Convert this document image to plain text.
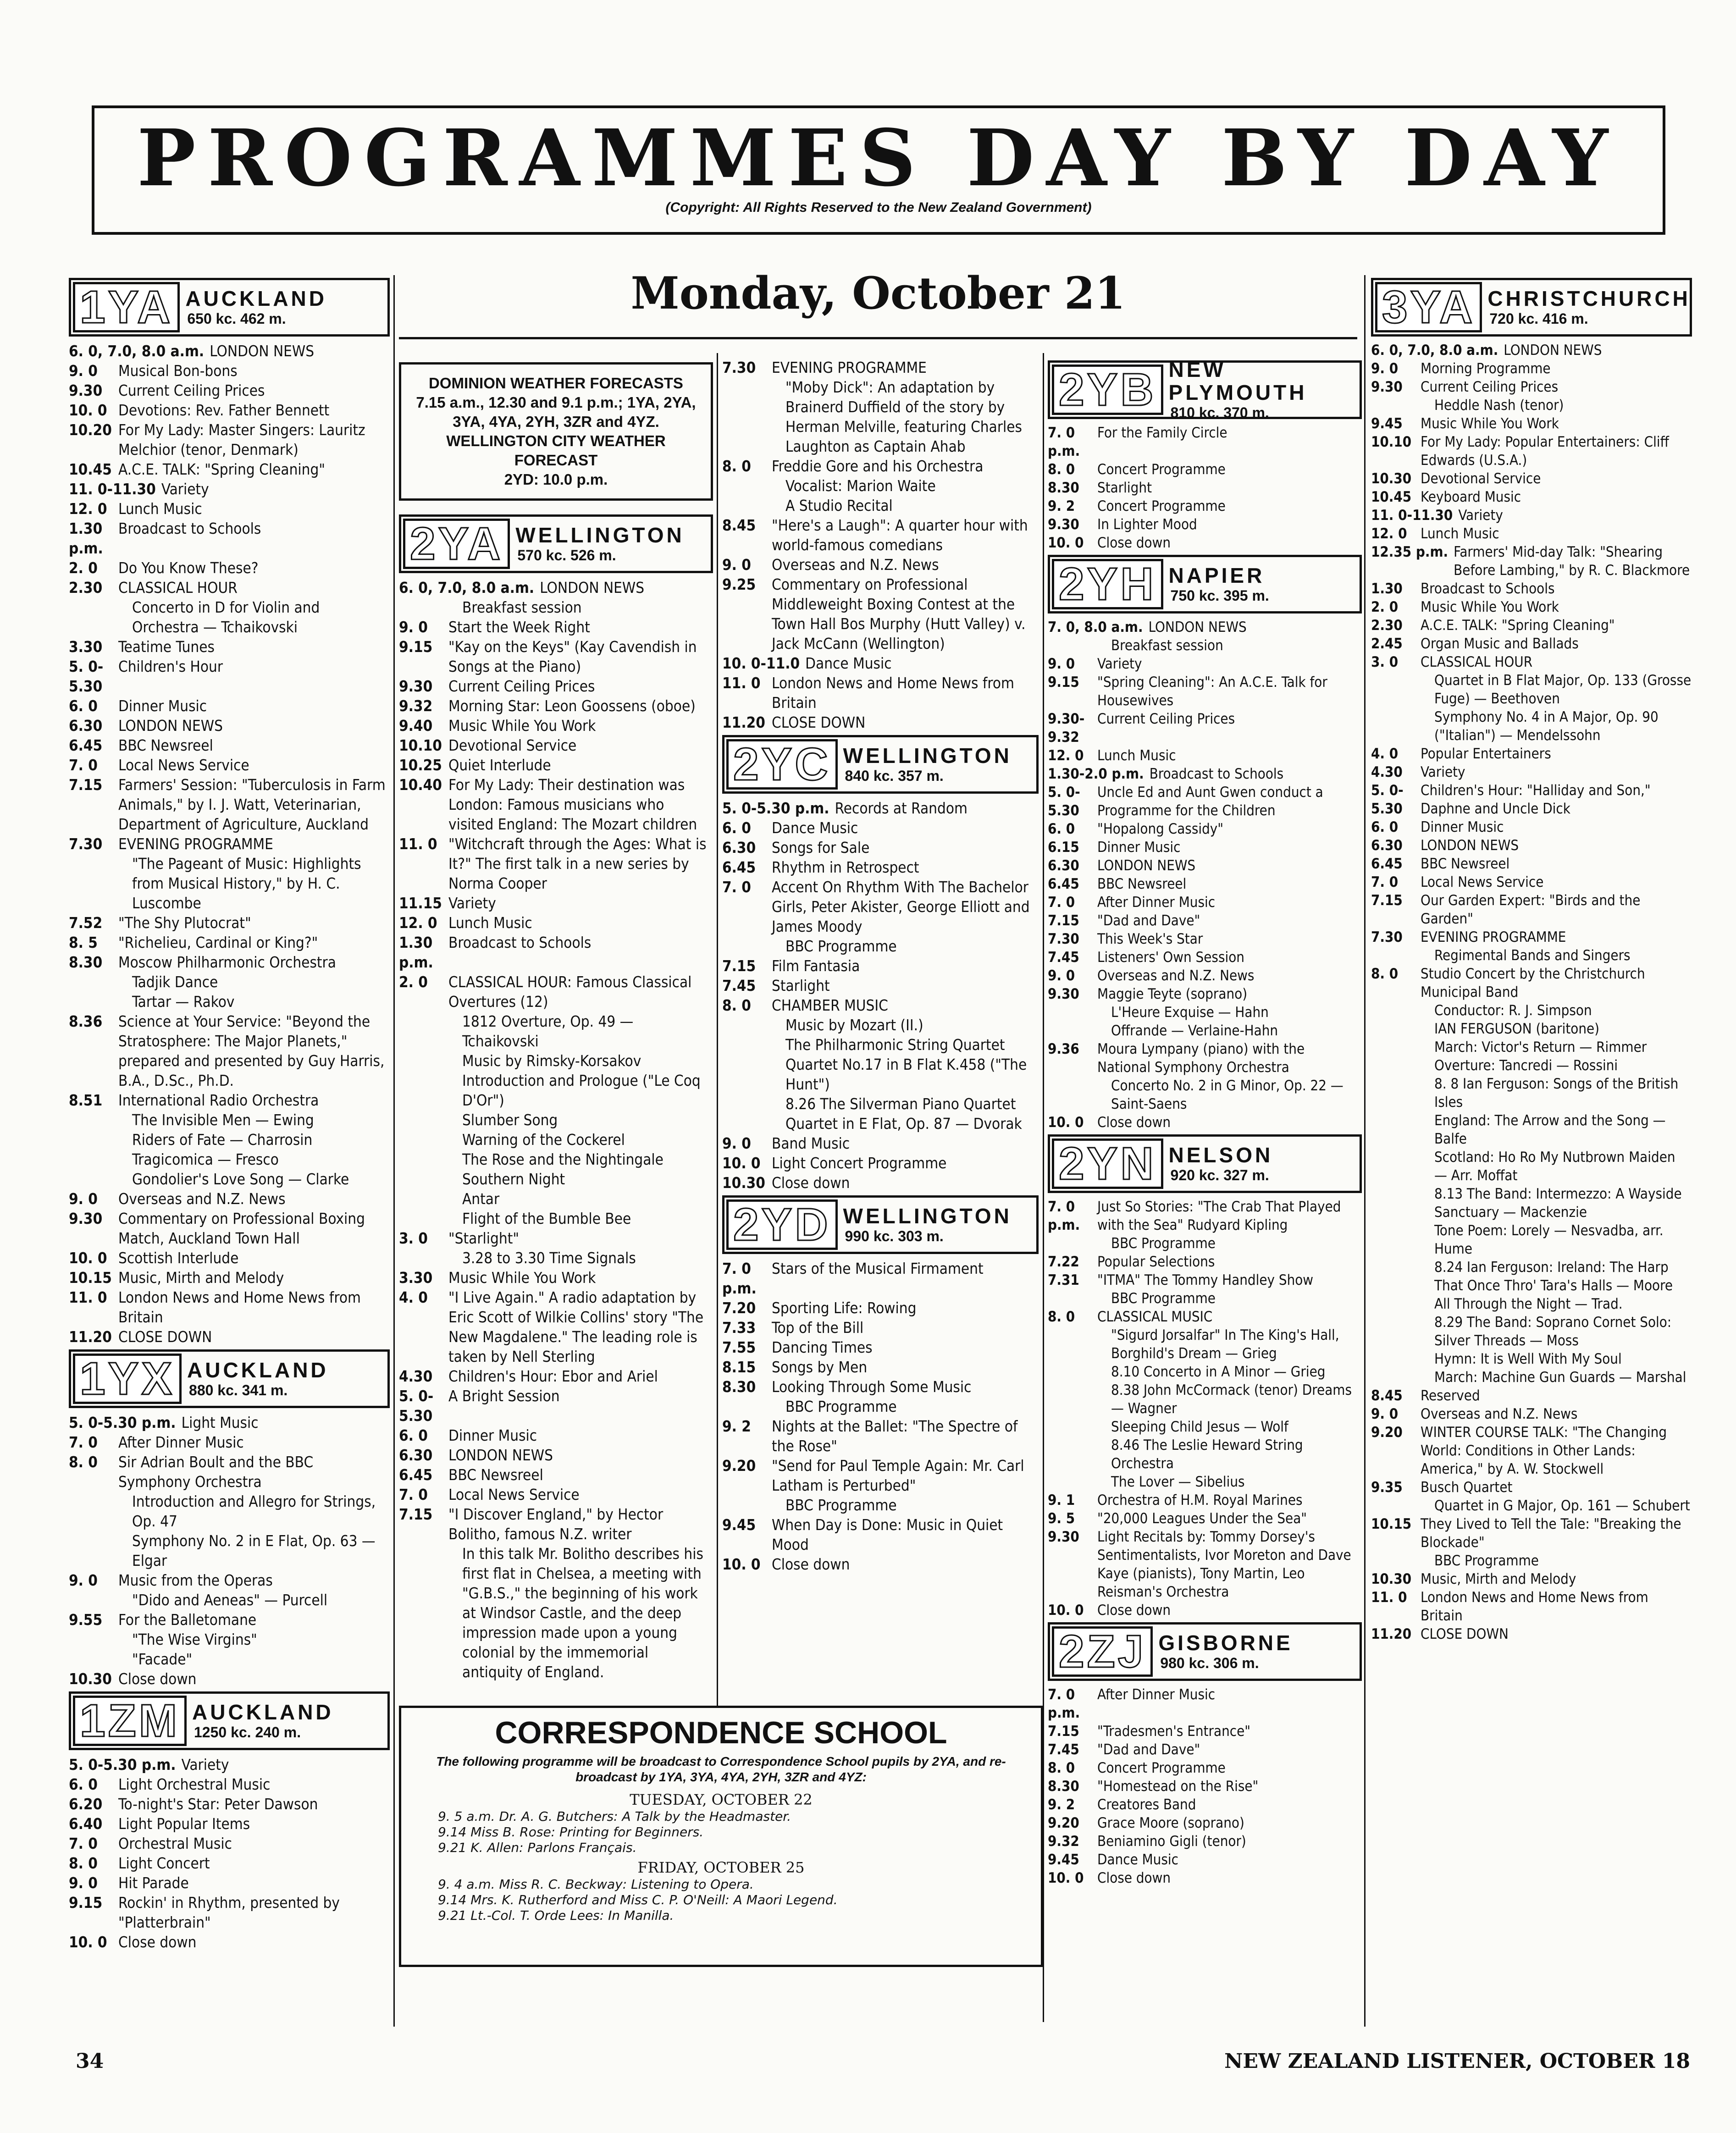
PROGRAMMES DAY BY DAY
(Copyright: All Rights Reserved to the New Zealand Government)
Monday, October 21
1YA AUCKLAND
650 kc. 462 m.
6. 0, 7.0, 8.0 a.m. LONDON NEWS
9. 0	Musical Bon-bons
9.30	Current Ceiling Prices
10. 0 Devotions: Rev. Father Bennett
10.20 For My Lady: Master Singers: Lauritz Melchior (tenor, Denmark)
10.45 A.C.E. TALK: "Spring Cleaning"
11. 0-11.30 Variety
12. 0 Lunch Music
1.30 p.m.
Broadcast to Schools
2. 0	Do You Know These?
2.30	CLASSICAL HOUR
Concerto in D for Violin and Orchestra — Tchaikovski
3.30	Teatime Tunes
5. 0-5.30
Children's Hour
6. 0	Dinner Music
6.30	LONDON NEWS
6.45	BBC Newsreel
7. 0	Local News Service
7.15	Farmers' Session: "Tuberculosis in Farm Animals," by I. J. Watt, Veterinarian, Department of Agriculture, Auckland
7.30	EVENING PROGRAMME
"The Pageant of Music: Highlights from Musical History," by H. C. Luscombe
7.52	"The Shy Plutocrat"
8. 5	"Richelieu, Cardinal or King?"
8.30	Moscow Philharmonic Orchestra
Tadjik Dance
Tartar — Rakov
8.36	Science at Your Service: "Beyond the Stratosphere: The Major Planets," prepared and presented by Guy Harris, B.A., D.Sc., Ph.D.
8.51	International Radio Orchestra
The Invisible Men — Ewing
Riders of Fate — Charrosin
Tragicomica — Fresco
Gondolier's Love Song — Clarke
9. 0	Overseas and N.Z. News
9.30	Commentary on Professional Boxing Match, Auckland Town Hall
10. 0 Scottish Interlude
10.15 Music, Mirth and Melody
11. 0 London News and Home News from Britain
11.20 CLOSE DOWN
1YX AUCKLAND
880 kc. 341 m.
5. 0-5.30 p.m. Light Music
7. 0	After Dinner Music
8. 0	Sir Adrian Boult and the BBC Symphony Orchestra
Introduction and Allegro for Strings, Op. 47
Symphony No. 2 in E Flat, Op. 63 — Elgar
9. 0	Music from the Operas
"Dido and Aeneas" — Purcell
9.55	For the Balletomane
"The Wise Virgins"
"Facade"
10.30 Close down
1ZM AUCKLAND
1250 kc. 240 m.
5. 0-5.30 p.m. Variety
6. 0	Light Orchestral Music
6.20	To-night's Star: Peter Dawson
6.40	Light Popular Items
7. 0	Orchestral Music
8. 0	Light Concert
9. 0	Hit Parade
9.15	Rockin' in Rhythm, presented by "Platterbrain"
10. 0 Close down
DOMINION WEATHER FORECASTS
7.15 a.m., 12.30 and 9.1 p.m.; 1YA, 2YA, 3YA, 4YA, 2YH, 3ZR and 4YZ.
WELLINGTON CITY WEATHER FORECAST
2YD: 10.0 p.m.
2YA WELLINGTON
570 kc. 526 m.
6. 0, 7.0, 8.0 a.m. LONDON NEWS
Breakfast session
9. 0	Start the Week Right
9.15	"Kay on the Keys" (Kay Cavendish in Songs at the Piano)
9.30	Current Ceiling Prices
9.32	Morning Star: Leon Goossens (oboe)
9.40	Music While You Work
10.10 Devotional Service
10.25 Quiet Interlude
10.40 For My Lady: Their destination was London: Famous musicians who visited England: The Mozart children
11. 0 "Witchcraft through the Ages: What is It?" The first talk in a new series by Norma Cooper
11.15 Variety
12. 0 Lunch Music
1.30 p.m.
Broadcast to Schools
2. 0	CLASSICAL HOUR: Famous Classical Overtures (12)
1812 Overture, Op. 49 — Tchaikovski
Music by Rimsky-Korsakov
Introduction and Prologue ("Le Coq D'Or")
Slumber Song
Warning of the Cockerel
The Rose and the Nightingale
Southern Night
Antar
Flight of the Bumble Bee
3. 0	"Starlight"
3.28 to 3.30 Time Signals
3.30	Music While You Work
4. 0	"I Live Again." A radio adaptation by Eric Scott of Wilkie Collins' story "The New Magdalene." The leading role is taken by Nell Sterling
4.30	Children's Hour: Ebor and Ariel
5. 0-5.30
A Bright Session
6. 0	Dinner Music
6.30	LONDON NEWS
6.45	BBC Newsreel
7. 0	Local News Service
7.15	"I Discover England," by Hector Bolitho, famous N.Z. writer
In this talk Mr. Bolitho describes his first flat in Chelsea, a meeting with "G.B.S.," the beginning of his work at Windsor Castle, and the deep impression made upon a young colonial by the immemorial antiquity of England.
7.30	EVENING PROGRAMME
"Moby Dick": An adaptation by Brainerd Duffield of the story by Herman Melville, featuring Charles Laughton as Captain Ahab
8. 0	Freddie Gore and his Orchestra
Vocalist: Marion Waite
A Studio Recital
8.45	"Here's a Laugh": A quarter hour with world-famous comedians
9. 0	Overseas and N.Z. News
9.25	Commentary on Professional Middleweight Boxing Contest at the Town Hall Bos Murphy (Hutt Valley) v. Jack McCann (Wellington)
10. 0-11.0 Dance Music
11. 0 London News and Home News from Britain
11.20 CLOSE DOWN
2YC WELLINGTON
840 kc. 357 m.
5. 0-5.30 p.m. Records at Random
6. 0	Dance Music
6.30	Songs for Sale
6.45	Rhythm in Retrospect
7. 0	Accent On Rhythm With The Bachelor Girls, Peter Akister, George Elliott and James Moody
BBC Programme
7.15	Film Fantasia
7.45	Starlight
8. 0	CHAMBER MUSIC
Music by Mozart (II.)
The Philharmonic String Quartet
Quartet No.17 in B Flat K.458 ("The Hunt")
8.26 The Silverman Piano Quartet
Quartet in E Flat, Op. 87 — Dvorak
9. 0	Band Music
10. 0 Light Concert Programme
10.30 Close down
2YD WELLINGTON
990 kc. 303 m.
7. 0 p.m.
Stars of the Musical Firmament
7.20	Sporting Life: Rowing
7.33	Top of the Bill
7.55	Dancing Times
8.15	Songs by Men
8.30	Looking Through Some Music
BBC Programme
9. 2	Nights at the Ballet: "The Spectre of the Rose"
9.20	"Send for Paul Temple Again: Mr. Carl Latham is Perturbed"
BBC Programme
9.45	When Day is Done: Music in Quiet Mood
10. 0 Close down
2YB NEW PLYMOUTH
810 kc. 370 m.
7. 0 p.m.
For the Family Circle
8. 0	Concert Programme
8.30	Starlight
9. 2	Concert Programme
9.30	In Lighter Mood
10. 0 Close down
2YH NAPIER
750 kc. 395 m.
7. 0, 8.0 a.m. LONDON NEWS
Breakfast session
9. 0	Variety
9.15	"Spring Cleaning": An A.C.E. Talk for Housewives
9.30-9.32
Current Ceiling Prices
12. 0 Lunch Music
1.30-2.0 p.m. Broadcast to Schools
5. 0-5.30
Uncle Ed and Aunt Gwen conduct a Programme for the Children
6. 0	"Hopalong Cassidy"
6.15	Dinner Music
6.30	LONDON NEWS
6.45	BBC Newsreel
7. 0	After Dinner Music
7.15	"Dad and Dave"
7.30	This Week's Star
7.45	Listeners' Own Session
9. 0	Overseas and N.Z. News
9.30	Maggie Teyte (soprano)
L'Heure Exquise — Hahn
Offrande — Verlaine-Hahn
9.36	Moura Lympany (piano) with the National Symphony Orchestra
Concerto No. 2 in G Minor, Op. 22 — Saint-Saens
10. 0 Close down
2YN NELSON
920 kc. 327 m.
7. 0 p.m.
Just So Stories: "The Crab That Played with the Sea" Rudyard Kipling
BBC Programme
7.22	Popular Selections
7.31	"ITMA" The Tommy Handley Show
BBC Programme
8. 0	CLASSICAL MUSIC
"Sigurd Jorsalfar" In The King's Hall, Borghild's Dream — Grieg
8.10 Concerto in A Minor — Grieg
8.38 John McCormack (tenor) Dreams — Wagner
Sleeping Child Jesus — Wolf
8.46 The Leslie Heward String Orchestra
The Lover — Sibelius
9. 1	Orchestra of H.M. Royal Marines
9. 5	"20,000 Leagues Under the Sea"
9.30	Light Recitals by: Tommy Dorsey's Sentimentalists, Ivor Moreton and Dave Kaye (pianists), Tony Martin, Leo Reisman's Orchestra
10. 0 Close down
2ZJ GISBORNE
980 kc. 306 m.
7. 0 p.m.
After Dinner Music
7.15	"Tradesmen's Entrance"
7.45	"Dad and Dave"
8. 0	Concert Programme
8.30	"Homestead on the Rise"
9. 2	Creatores Band
9.20	Grace Moore (soprano)
9.32	Beniamino Gigli (tenor)
9.45	Dance Music
10. 0 Close down
3YA CHRISTCHURCH
720 kc. 416 m.
6. 0, 7.0, 8.0 a.m. LONDON NEWS
9. 0	Morning Programme
9.30	Current Ceiling Prices
Heddle Nash (tenor)
9.45	Music While You Work
10.10 For My Lady: Popular Entertainers: Cliff Edwards (U.S.A.)
10.30 Devotional Service
10.45 Keyboard Music
11. 0-11.30 Variety
12. 0 Lunch Music
12.35 p.m. Farmers' Mid-day Talk: "Shearing Before Lambing," by R. C. Blackmore
1.30	Broadcast to Schools
2. 0	Music While You Work
2.30	A.C.E. TALK: "Spring Cleaning"
2.45	Organ Music and Ballads
3. 0	CLASSICAL HOUR
Quartet in B Flat Major, Op. 133 (Grosse Fuge) — Beethoven
Symphony No. 4 in A Major, Op. 90 ("Italian") — Mendelssohn
4. 0	Popular Entertainers
4.30	Variety
5. 0-5.30
Children's Hour: "Halliday and Son," Daphne and Uncle Dick
6. 0	Dinner Music
6.30	LONDON NEWS
6.45	BBC Newsreel
7. 0	Local News Service
7.15	Our Garden Expert: "Birds and the Garden"
7.30	EVENING PROGRAMME
Regimental Bands and Singers
8. 0	Studio Concert by the Christchurch Municipal Band
Conductor: R. J. Simpson
IAN FERGUSON (baritone)
March: Victor's Return — Rimmer
Overture: Tancredi — Rossini
8. 8 Ian Ferguson: Songs of the British Isles
England: The Arrow and the Song — Balfe
Scotland: Ho Ro My Nutbrown Maiden — Arr. Moffat
8.13 The Band: Intermezzo: A Wayside Sanctuary — Mackenzie
Tone Poem: Lorely — Nesvadba, arr. Hume
8.24 Ian Ferguson: Ireland: The Harp That Once Thro' Tara's Halls — Moore
All Through the Night — Trad.
8.29 The Band: Soprano Cornet Solo: Silver Threads — Moss
Hymn: It is Well With My Soul
March: Machine Gun Guards — Marshal
8.45	Reserved
9. 0	Overseas and N.Z. News
9.20	WINTER COURSE TALK: "The Changing World: Conditions in Other Lands: America," by A. W. Stockwell
9.35	Busch Quartet
Quartet in G Major, Op. 161 — Schubert
10.15 They Lived to Tell the Tale: "Breaking the Blockade"
BBC Programme
10.30 Music, Mirth and Melody
11. 0 London News and Home News from Britain
11.20 CLOSE DOWN
CORRESPONDENCE SCHOOL
The following programme will be broadcast to Correspondence School pupils by 2YA, and re-broadcast by 1YA, 3YA, 4YA, 2YH, 3ZR and 4YZ:
TUESDAY, OCTOBER 22
9. 5 a.m. Dr. A. G. Butchers: A Talk by the Headmaster.
9.14 Miss B. Rose: Printing for Beginners.
9.21 K. Allen: Parlons Français.
FRIDAY, OCTOBER 25
9. 4 a.m. Miss R. C. Beckway: Listening to Opera.
9.14 Mrs. K. Rutherford and Miss C. P. O'Neill: A Maori Legend.
9.21 Lt.-Col. T. Orde Lees: In Manilla.
34	NEW ZEALAND LISTENER, OCTOBER 18
